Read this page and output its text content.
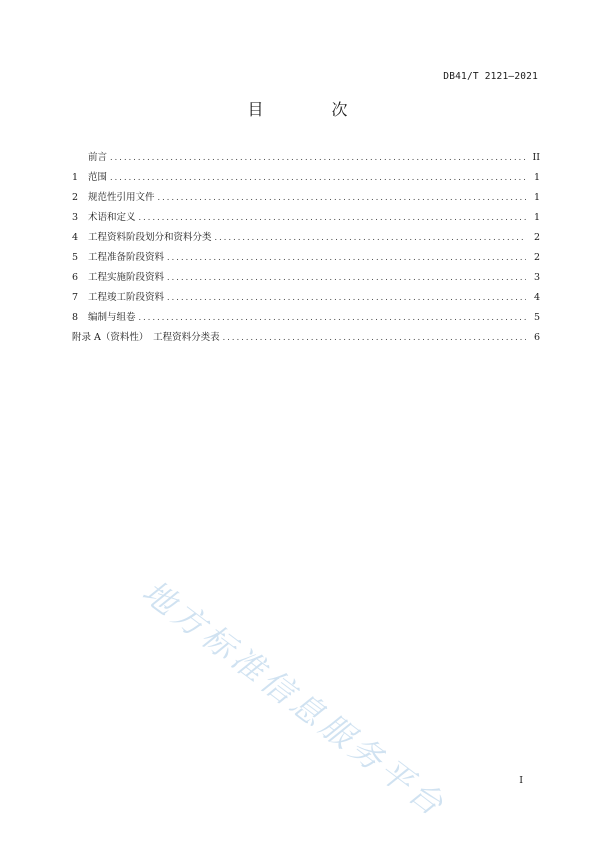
DB41/T 2121—2021
目　次
前言 .....	II
1 范围 .....	1
2 规范性引用文件 .....	1
3 术语和定义 .....	1
4 工程资料阶段划分和资料分类 .....	2
5 工程准备阶段资料 .....	2
6 工程实施阶段资料 .....	3
7 工程竣工阶段资料 .....	4
8 编制与组卷 .....	5
附录 A（资料性）　工程资料分类表 .....	6
地方标准信息服务平台	I
